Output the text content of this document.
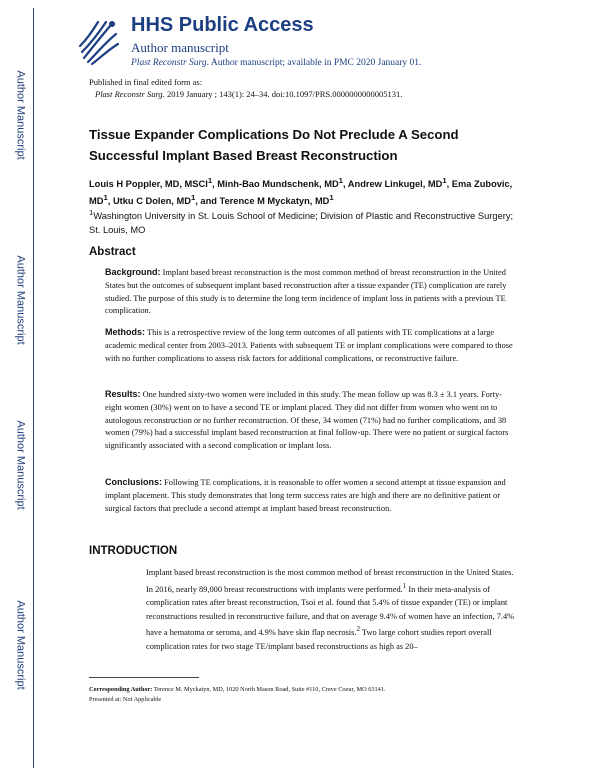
Author Manuscript
Author Manuscript
Author Manuscript
Author Manuscript
HHS Public Access
Author manuscript
Plast Reconstr Surg. Author manuscript; available in PMC 2020 January 01.
Published in final edited form as:
Plast Reconstr Surg. 2019 January ; 143(1): 24–34. doi:10.1097/PRS.0000000000005131.
Tissue Expander Complications Do Not Preclude A Second Successful Implant Based Breast Reconstruction
Louis H Poppler, MD, MSCI$^1$, Minh-Bao Mundschenk, $MD^1$, Andrew Linkugel, $MD^1$, Ema Zubovic, $MD^1$, Utku C Dolen, $MD^1$, and Terence M Myckatyn, $MD^1$
$^1$Washington University in St. Louis School of Medicine; Division of Plastic and Reconstructive Surgery; St. Louis, MO
Abstract
Background: Implant based breast reconstruction is the most common method of breast reconstruction in the United States but the outcomes of subsequent implant based reconstruction after a tissue expander (TE) complication are rarely studied. The purpose of this study is to determine the long term incidence of implant loss in patients with a previous TE complication.
Methods: This is a retrospective review of the long term outcomes of all patients with TE complications at a large academic medical center from 2003–2013. Patients with subsequent TE or implant complications were compared to those with no further complications to assess risk factors for additional complications, or reconstructive failure.
Results: One hundred sixty-two women were included in this study. The mean follow up was 8.3 ± 3.1 years. Forty-eight women (30%) went on to have a second TE or implant placed. They did not differ from women who went on to autologous reconstruction or no further reconstruction. Of these, 34 women (71%) had no further complications, and 38 women (79%) had a successful implant based reconstruction at final follow-up. There were no patient or surgical factors significantly associated with a second complication or implant loss.
Conclusions: Following TE complications, it is reasonable to offer women a second attempt at tissue expansion and implant placement. This study demonstrates that long term success rates are high and there are no definitive patient or surgical factors that preclude a second attempt at implant based breast reconstruction.
INTRODUCTION
Implant based breast reconstruction is the most common method of breast reconstruction in the United States. In 2016, nearly 89,000 breast reconstructions with implants were performed.$^1$ In their meta-analysis of complication rates after breast reconstruction, Tsoi et al. found that 5.4% of tissue expander (TE) or implant reconstructions resulted in reconstructive failure, and that on average 9.4% of women have an infection, 7.4% have a hematoma or seroma, and 4.9% have skin flap necrosis.$^2$ Two large cohort studies report overall complication rates for two stage TE/implant based reconstructions as high as 20–
Corresponding Author: Terence M. Myckatyn, MD, 1020 North Mason Road, Suite #110, Creve Coeur, MO 63141.
Presented at: Not Applicable
